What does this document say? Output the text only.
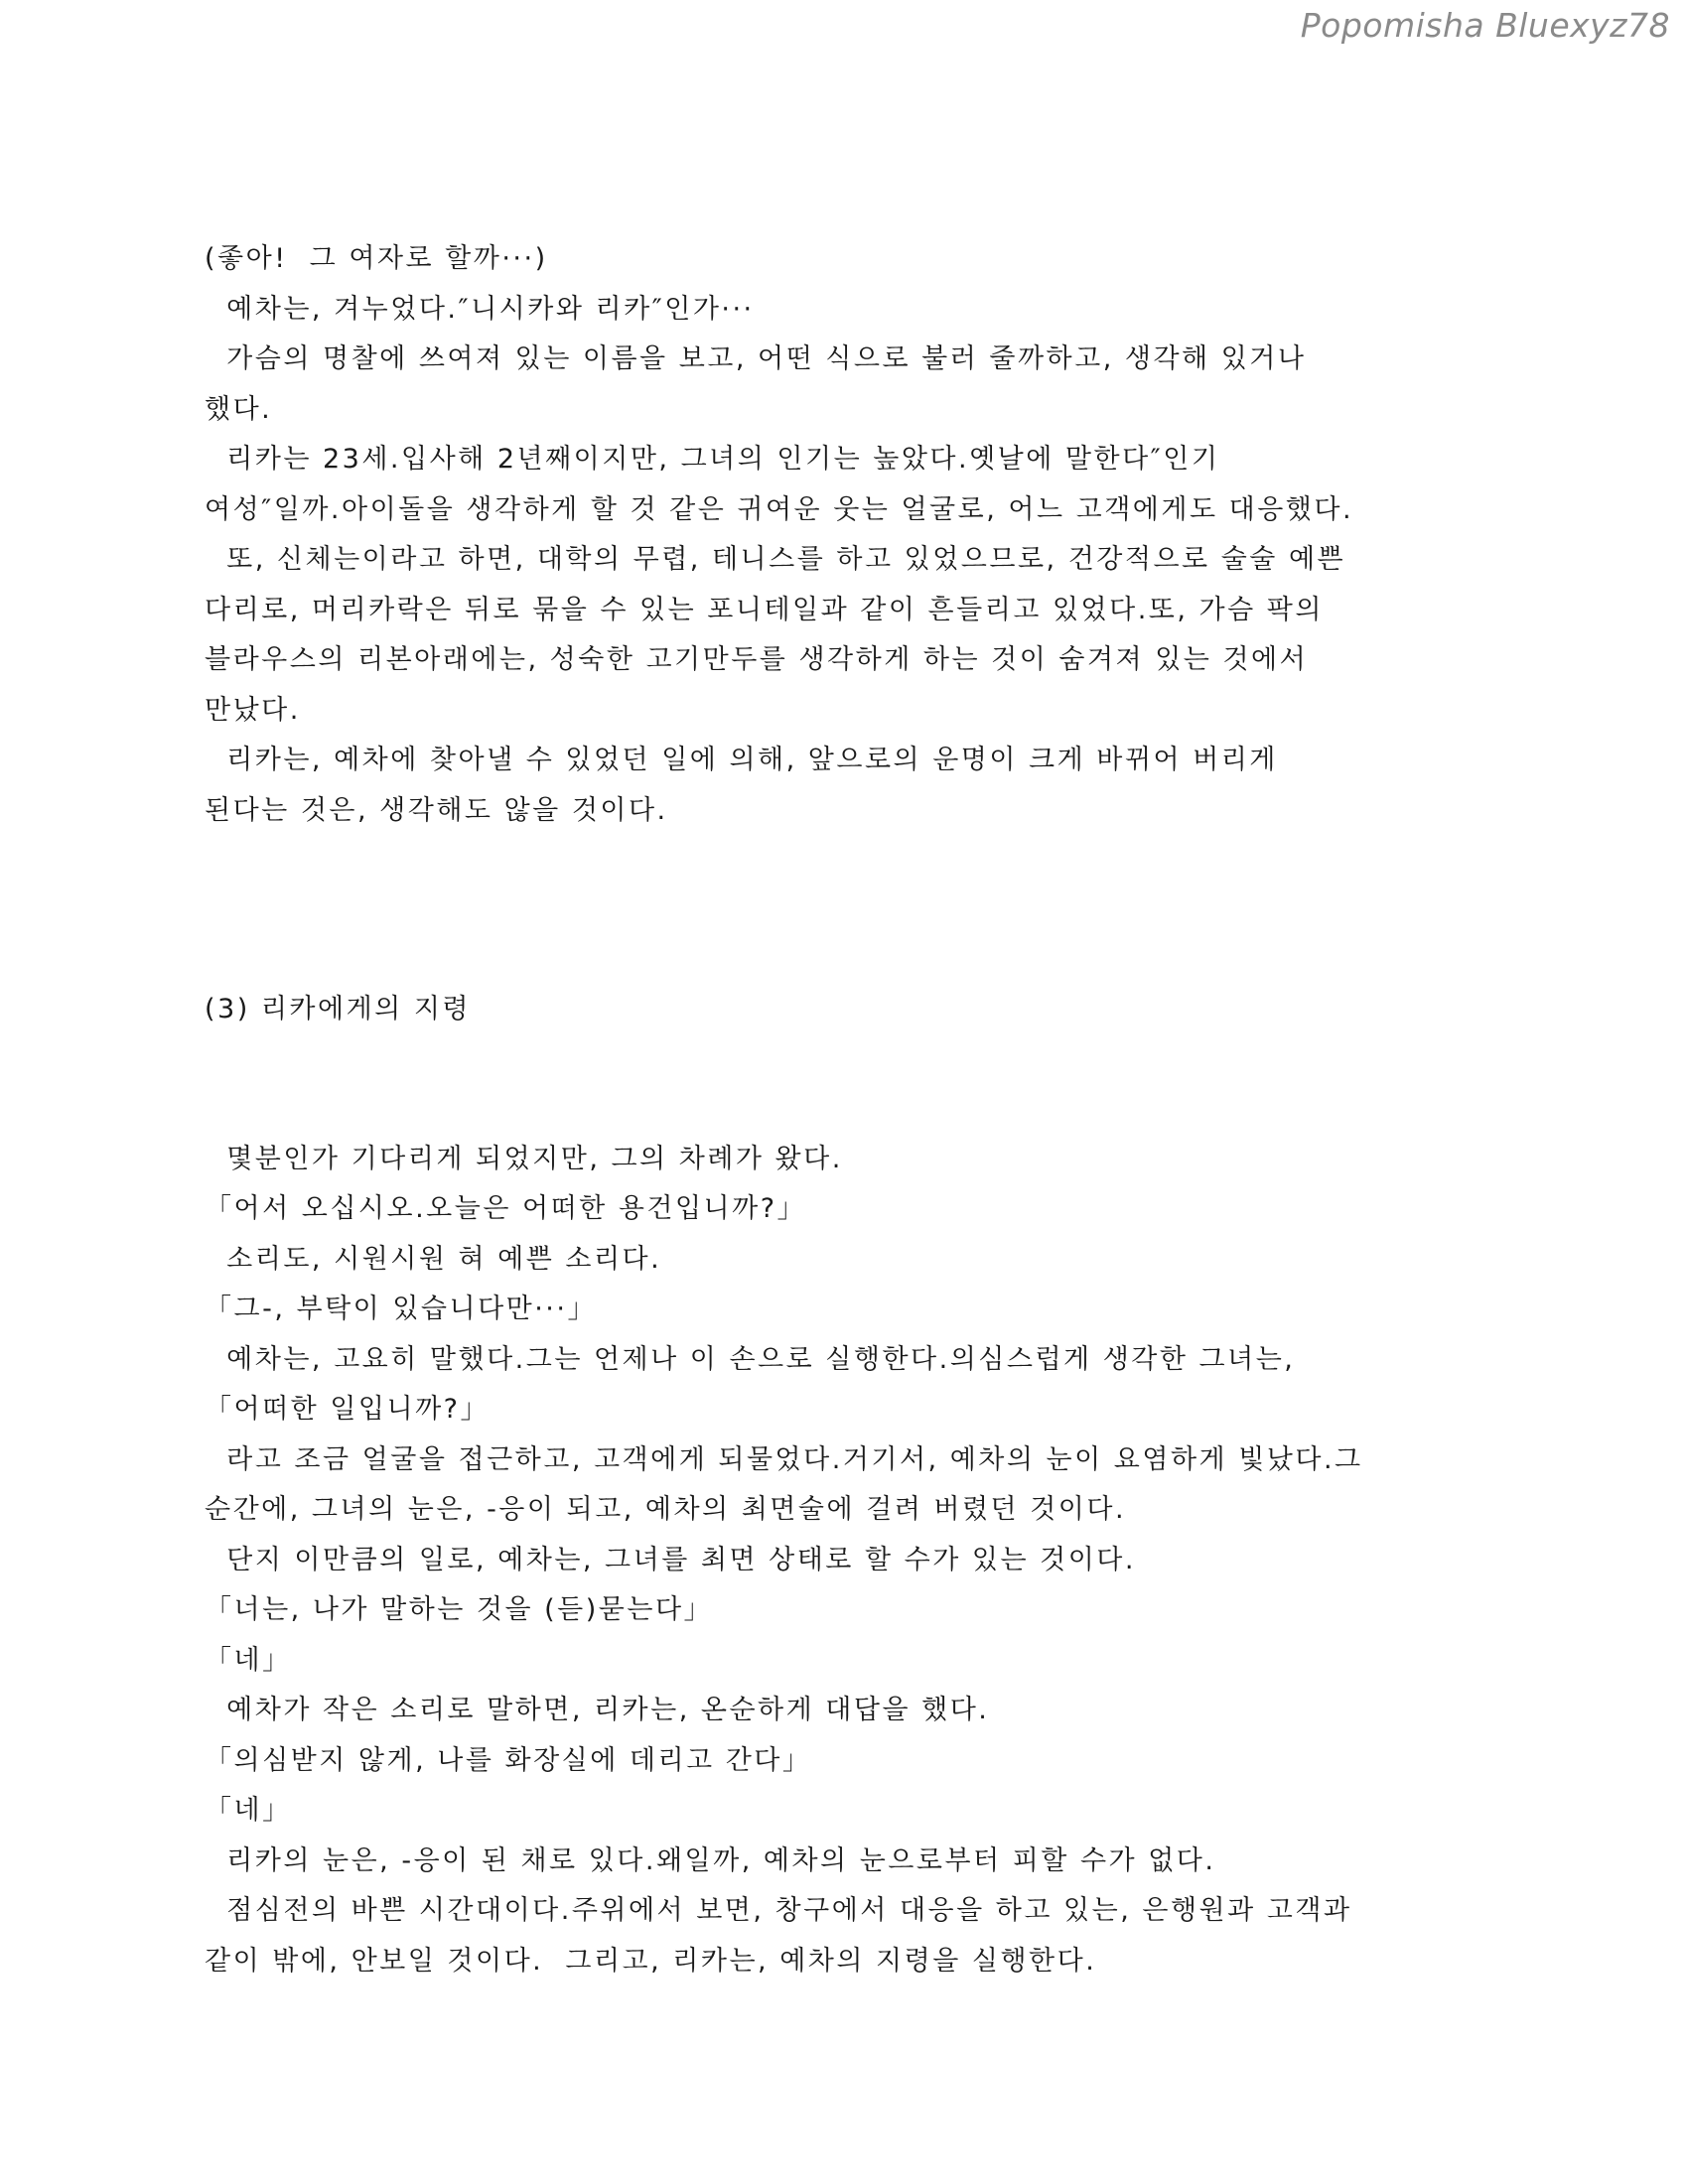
Popomisha Bluexyz78
(좋아!  그 여자로 할까···)
예차는, 겨누었다.″니시카와 리카″인가···
가슴의 명찰에 쓰여져 있는 이름을 보고, 어떤 식으로 불러 줄까하고, 생각해 있거나
했다.
리카는 23세.입사해 2년째이지만, 그녀의 인기는 높았다.옛날에 말한다″인기
여성″일까.아이돌을 생각하게 할 것 같은 귀여운 웃는 얼굴로, 어느 고객에게도 대응했다.
또, 신체는이라고 하면, 대학의 무렵, 테니스를 하고 있었으므로, 건강적으로 술술 예쁜
다리로, 머리카락은 뒤로 묶을 수 있는 포니테일과 같이 흔들리고 있었다.또, 가슴 팍의
블라우스의 리본아래에는, 성숙한 고기만두를 생각하게 하는 것이 숨겨져 있는 것에서
만났다.
리카는, 예차에 찾아낼 수 있었던 일에 의해, 앞으로의 운명이 크게 바뀌어 버리게
된다는 것은, 생각해도 않을 것이다.
(3) 리카에게의 지령
몇분인가 기다리게 되었지만, 그의 차례가 왔다.
「어서 오십시오.오늘은 어떠한 용건입니까?」
소리도, 시원시원 혀 예쁜 소리다.
「그-, 부탁이 있습니다만···」
예차는, 고요히 말했다.그는 언제나 이 손으로 실행한다.의심스럽게 생각한 그녀는,
「어떠한 일입니까?」
라고 조금 얼굴을 접근하고, 고객에게 되물었다.거기서, 예차의 눈이 요염하게 빛났다.그
순간에, 그녀의 눈은, -응이 되고, 예차의 최면술에 걸려 버렸던 것이다.
단지 이만큼의 일로, 예차는, 그녀를 최면 상태로 할 수가 있는 것이다.
「너는, 나가 말하는 것을 (듣)묻는다」
「네」
예차가 작은 소리로 말하면, 리카는, 온순하게 대답을 했다.
「의심받지 않게, 나를 화장실에 데리고 간다」
「네」
리카의 눈은, -응이 된 채로 있다.왜일까, 예차의 눈으로부터 피할 수가 없다.
점심전의 바쁜 시간대이다.주위에서 보면, 창구에서 대응을 하고 있는, 은행원과 고객과
같이 밖에, 안보일 것이다.  그리고, 리카는, 예차의 지령을 실행한다.
